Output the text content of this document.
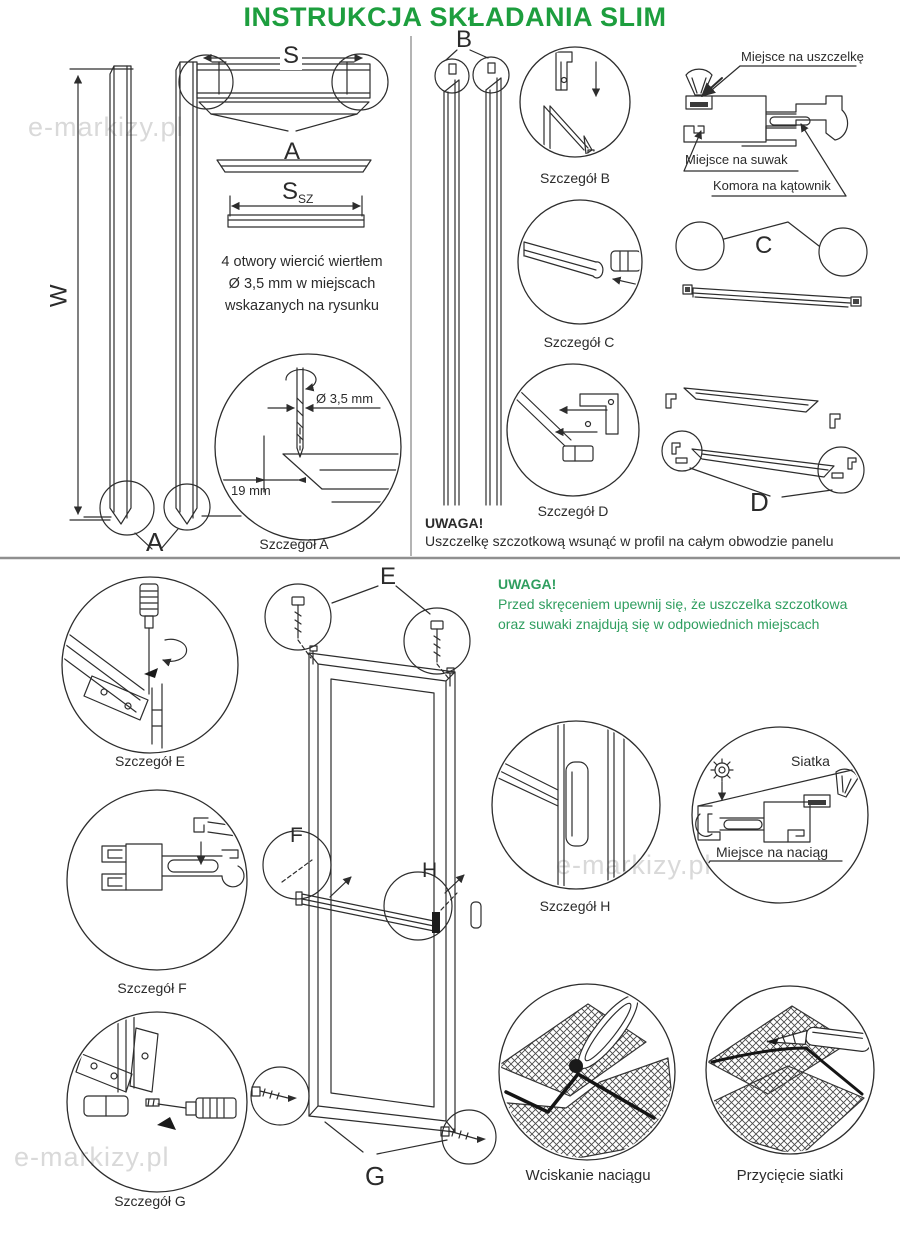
e-markizy.pl
e-markizy.pl
e-markizy.pl
INSTRUKCJA SKŁADANIA SLIM
W
S
A
$S_{SZ}$
4 otwory wiercić wiertłem
Ø 3,5 mm w miejscach
wskazanych na rysunku
Ø 3,5 mm
19 mm
Szczegół A
A
B
Szczegół B
Szczegół C
Szczegół D
UWAGA!
Uszczelkę szczotkową wsunąć w profil na całym obwodzie panelu
Miejsce na uszczelkę
Miejsce na suwak
Komora na kątownik
C
D
UWAGA!
Przed skręceniem upewnij się, że uszczelka szczotkowa
oraz suwaki znajdują się w odpowiednich miejscach
E
F
H
G
Szczegół E
Szczegół F
Szczegół G
Szczegół H
Siatka
Miejsce na naciąg
Wciskanie naciągu	Przycięcie siatki
